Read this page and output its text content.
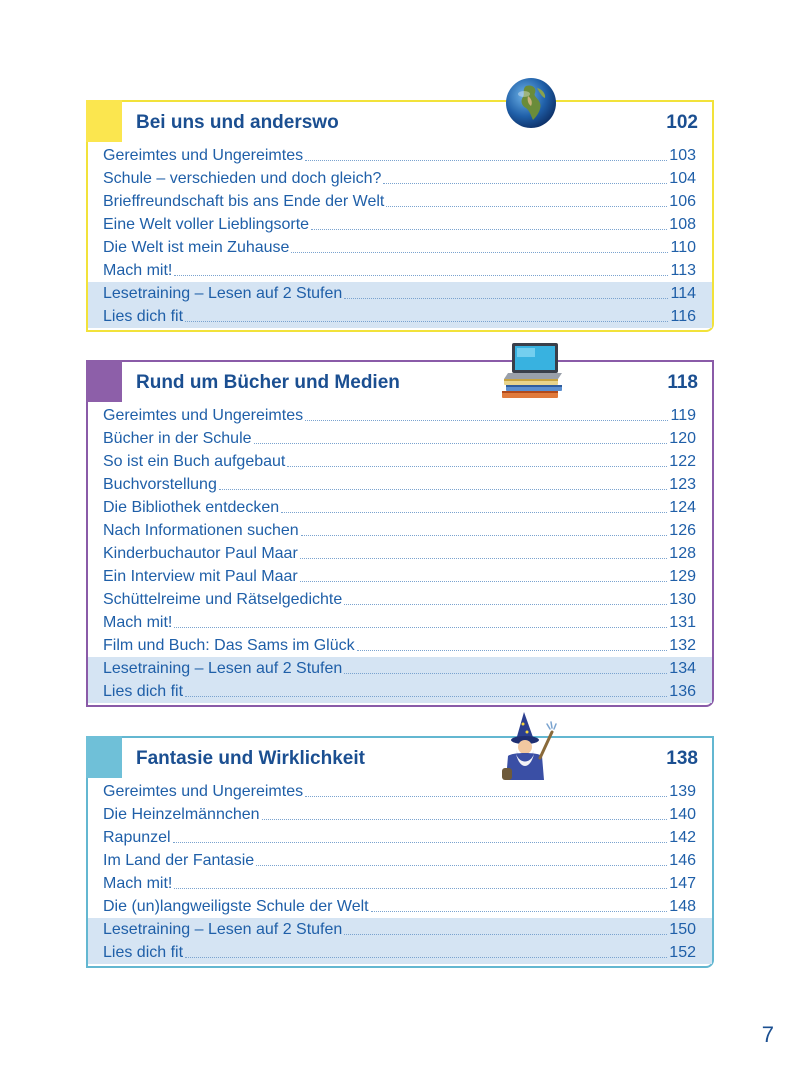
Bei uns und anderswo	102
Gereimtes und Ungereimtes	103
Schule – verschieden und doch gleich?	104
Brieffreundschaft bis ans Ende der Welt	106
Eine Welt voller Lieblingsorte	108
Die Welt ist mein Zuhause	110
Mach mit!	113
Lesetraining – Lesen auf 2 Stufen	114
Lies dich fit	116
Rund um Bücher und Medien	118
Gereimtes und Ungereimtes	119
Bücher in der Schule	120
So ist ein Buch aufgebaut	122
Buchvorstellung	123
Die Bibliothek entdecken	124
Nach Informationen suchen	126
Kinderbuchautor Paul Maar	128
Ein Interview mit Paul Maar	129
Schüttelreime und Rätselgedichte	130
Mach mit!	131
Film und Buch: Das Sams im Glück	132
Lesetraining – Lesen auf 2 Stufen	134
Lies dich fit	136
Fantasie und Wirklichkeit	138
Gereimtes und Ungereimtes	139
Die Heinzelmännchen	140
Rapunzel	142
Im Land der Fantasie	146
Mach mit!	147
Die (un)langweiligste Schule der Welt	148
Lesetraining – Lesen auf 2 Stufen	150
Lies dich fit	152
7
